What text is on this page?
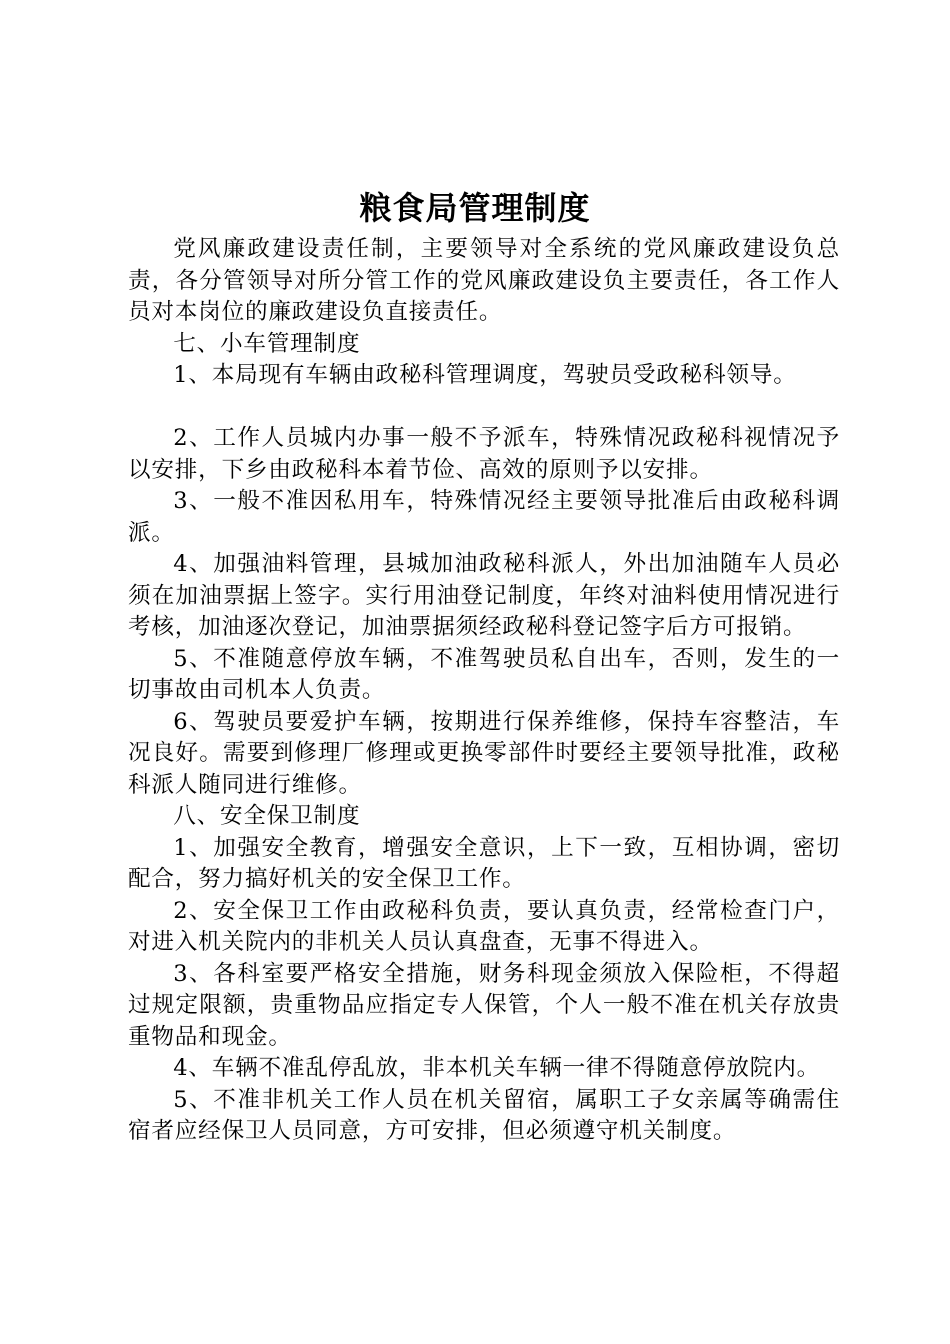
粮食局管理制度

党风廉政建设责任制，主要领导对全系统的党风廉政建设负总责，各分管领导对所分管工作的党风廉政建设负主要责任，各工作人员对本岗位的廉政建设负直接责任。

七、小车管理制度

1、本局现有车辆由政秘科管理调度，驾驶员受政秘科领导。

2、工作人员城内办事一般不予派车，特殊情况政秘科视情况予以安排，下乡由政秘科本着节俭、高效的原则予以安排。

3、一般不准因私用车，特殊情况经主要领导批准后由政秘科调派。

4、加强油料管理，县城加油政秘科派人，外出加油随车人员必须在加油票据上签字。实行用油登记制度，年终对油料使用情况进行考核，加油逐次登记，加油票据须经政秘科登记签字后方可报销。

5、不准随意停放车辆，不准驾驶员私自出车，否则，发生的一切事故由司机本人负责。

6、驾驶员要爱护车辆，按期进行保养维修，保持车容整洁，车况良好。需要到修理厂修理或更换零部件时要经主要领导批准，政秘科派人随同进行维修。

八、安全保卫制度

1、加强安全教育，增强安全意识，上下一致，互相协调，密切配合，努力搞好机关的安全保卫工作。

2、安全保卫工作由政秘科负责，要认真负责，经常检查门户，对进入机关院内的非机关人员认真盘查，无事不得进入。

3、各科室要严格安全措施，财务科现金须放入保险柜，不得超过规定限额，贵重物品应指定专人保管，个人一般不准在机关存放贵重物品和现金。

4、车辆不准乱停乱放，非本机关车辆一律不得随意停放院内。

5、不准非机关工作人员在机关留宿，属职工子女亲属等确需住宿者应经保卫人员同意，方可安排，但必须遵守机关制度。
